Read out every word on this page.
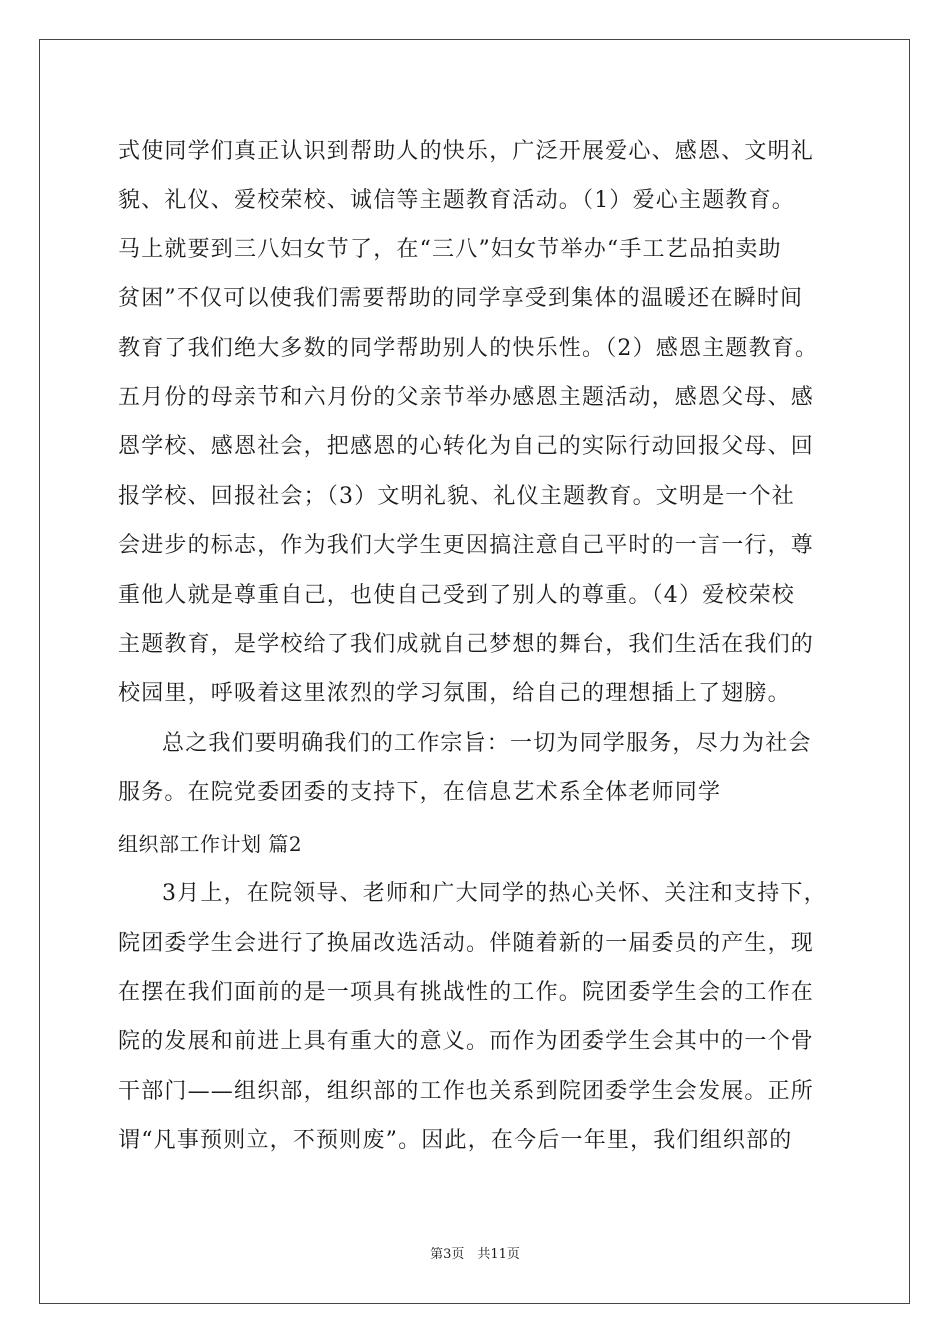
式使同学们真正认识到帮助人的快乐，广泛开展爱心、感恩、文明礼
貌、礼仪、爱校荣校、诚信等主题教育活动。（1）爱心主题教育。
马上就要到三八妇女节了，在“三八”妇女节举办“手工艺品拍卖助
贫困”不仅可以使我们需要帮助的同学享受到集体的温暖还在瞬时间
教育了我们绝大多数的同学帮助别人的快乐性。（2）感恩主题教育。
五月份的母亲节和六月份的父亲节举办感恩主题活动，感恩父母、感
恩学校、感恩社会，把感恩的心转化为自己的实际行动回报父母、回
报学校、回报社会；（3）文明礼貌、礼仪主题教育。文明是一个社
会进步的标志，作为我们大学生更因搞注意自己平时的一言一行，尊
重他人就是尊重自己，也使自己受到了别人的尊重。（4）爱校荣校
主题教育，是学校给了我们成就自己梦想的舞台，我们生活在我们的
校园里，呼吸着这里浓烈的学习氛围，给自己的理想插上了翅膀。
总之我们要明确我们的工作宗旨：一切为同学服务，尽力为社会
服务。在院党委团委的支持下，在信息艺术系全体老师同学
组织部工作计划 篇2
3月上，在院领导、老师和广大同学的热心关怀、关注和支持下，
院团委学生会进行了换届改选活动。伴随着新的一届委员的产生，现
在摆在我们面前的是一项具有挑战性的工作。院团委学生会的工作在
院的发展和前进上具有重大的意义。而作为团委学生会其中的一个骨
干部门——组织部，组织部的工作也关系到院团委学生会发展。正所
谓“凡事预则立，不预则废”。因此，在今后一年里，我们组织部的
第3页　共11页
